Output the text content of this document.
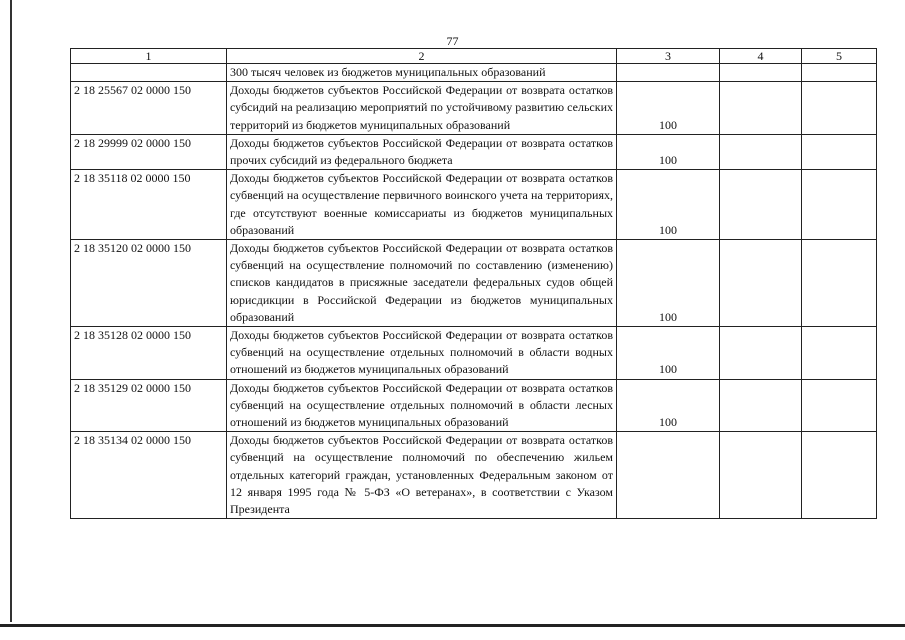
77
1	2	3	4	5
	300 тысяч человек из бюджетов муниципальных образований			
2 18 25567 02 0000 150	Доходы бюджетов субъектов Российской Федерации от возврата остатков субсидий на реализацию мероприятий по устойчивому развитию сельских территорий из бюджетов муниципальных образований	100		
2 18 29999 02 0000 150	Доходы бюджетов субъектов Российской Федерации от возврата остатков прочих субсидий из федерального бюджета	100		
2 18 35118 02 0000 150	Доходы бюджетов субъектов Российской Федерации от возврата остатков субвенций на осуществление первичного воинского учета на территориях, где отсутствуют военные комиссариаты из бюджетов муниципальных образований	100		
2 18 35120 02 0000 150	Доходы бюджетов субъектов Российской Федерации от возврата остатков субвенций на осуществление полномочий по составлению (изменению) списков кандидатов в присяжные заседатели федеральных судов общей юрисдикции в Российской Федерации из бюджетов муниципальных образований	100		
2 18 35128 02 0000 150	Доходы бюджетов субъектов Российской Федерации от возврата остатков субвенций на осуществление отдельных полномочий в области водных отношений из бюджетов муниципальных образований	100		
2 18 35129 02 0000 150	Доходы бюджетов субъектов Российской Федерации от возврата остатков субвенций на осуществление отдельных полномочий в области лесных отношений из бюджетов муниципальных образований	100		
2 18 35134 02 0000 150	Доходы бюджетов субъектов Российской Федерации от возврата остатков субвенций на осуществление полномочий по обеспечению жильем отдельных категорий граждан, установленных Федеральным законом от 12 января 1995 года № 5-ФЗ «О ветеранах», в соответствии с Указом Президента			
